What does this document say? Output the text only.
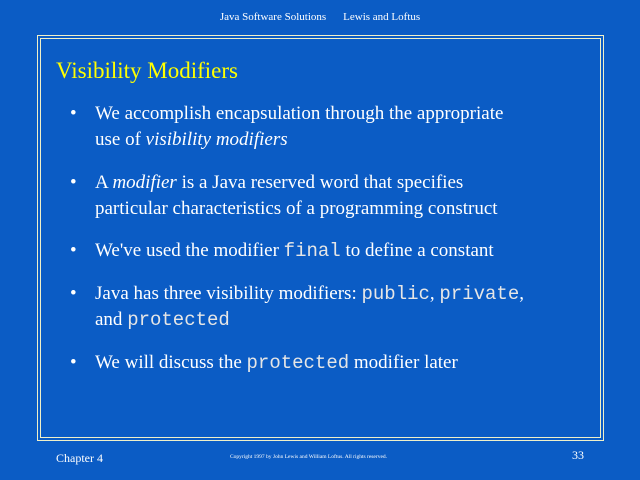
Java Software Solutions Lewis and Loftus
Visibility Modifiers
• We accomplish encapsulation through the appropriate
use of visibility modifiers
• A modifier is a Java reserved word that specifies
particular characteristics of a programming construct
• We've used the modifier final to define a constant
• Java has three visibility modifiers: public, private,
and protected
• We will discuss the protected modifier later
Chapter 4	Copyright 1997 by John Lewis and William Loftus. All rights reserved.	33
